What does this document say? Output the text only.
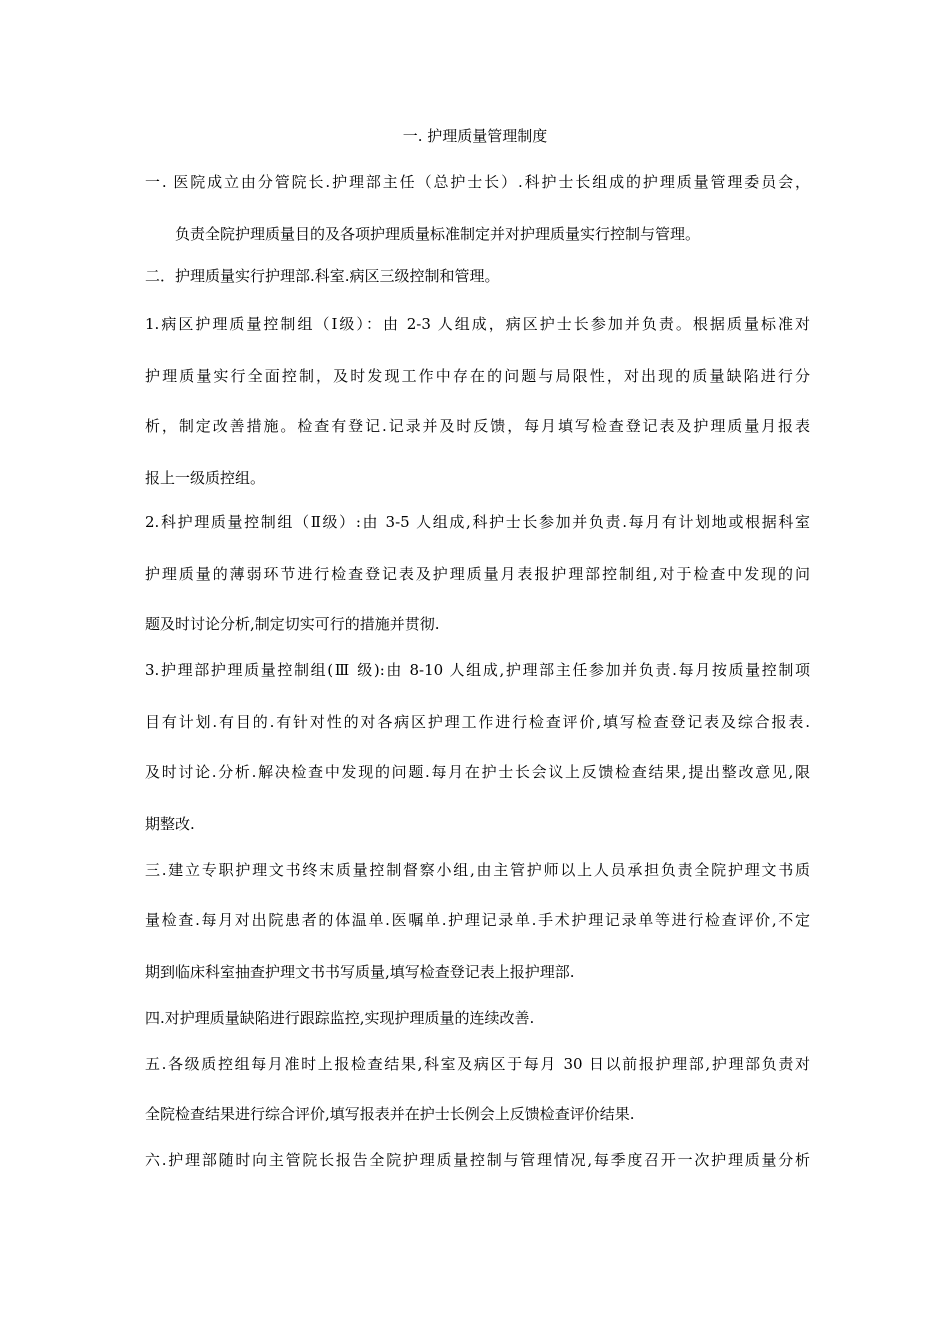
一. 护理质量管理制度
一. 医院成立由分管院长.护理部主任（总护士长）.科护士长组成的护理质量管理委员会，
负责全院护理质量目的及各项护理质量标准制定并对护理质量实行控制与管理。
二．护理质量实行护理部.科室.病区三级控制和管理。
1.病区护理质量控制组（Ⅰ级）：由 2-3 人组成，病区护士长参加并负责。根据质量标准对
护理质量实行全面控制，及时发现工作中存在的问题与局限性，对出现的质量缺陷进行分
析，制定改善措施。检查有登记.记录并及时反馈，每月填写检查登记表及护理质量月报表
报上一级质控组。
2.科护理质量控制组（Ⅱ级）:由 3-5 人组成,科护士长参加并负责.每月有计划地或根据科室
护理质量的薄弱环节进行检查登记表及护理质量月表报护理部控制组,对于检查中发现的问
题及时讨论分析,制定切实可行的措施并贯彻.
3.护理部护理质量控制组(Ⅲ 级):由 8-10 人组成,护理部主任参加并负责.每月按质量控制项
目有计划.有目的.有针对性的对各病区护理工作进行检查评价,填写检查登记表及综合报表.
及时讨论.分析.解决检查中发现的问题.每月在护士长会议上反馈检查结果,提出整改意见,限
期整改.
三.建立专职护理文书终末质量控制督察小组,由主管护师以上人员承担负责全院护理文书质
量检查.每月对出院患者的体温单.医嘱单.护理记录单.手术护理记录单等进行检查评价,不定
期到临床科室抽查护理文书书写质量,填写检查登记表上报护理部.
四.对护理质量缺陷进行跟踪监控,实现护理质量的连续改善.
五.各级质控组每月准时上报检查结果,科室及病区于每月 30 日以前报护理部,护理部负责对
全院检查结果进行综合评价,填写报表并在护士长例会上反馈检查评价结果.
六.护理部随时向主管院长报告全院护理质量控制与管理情况,每季度召开一次护理质量分析
